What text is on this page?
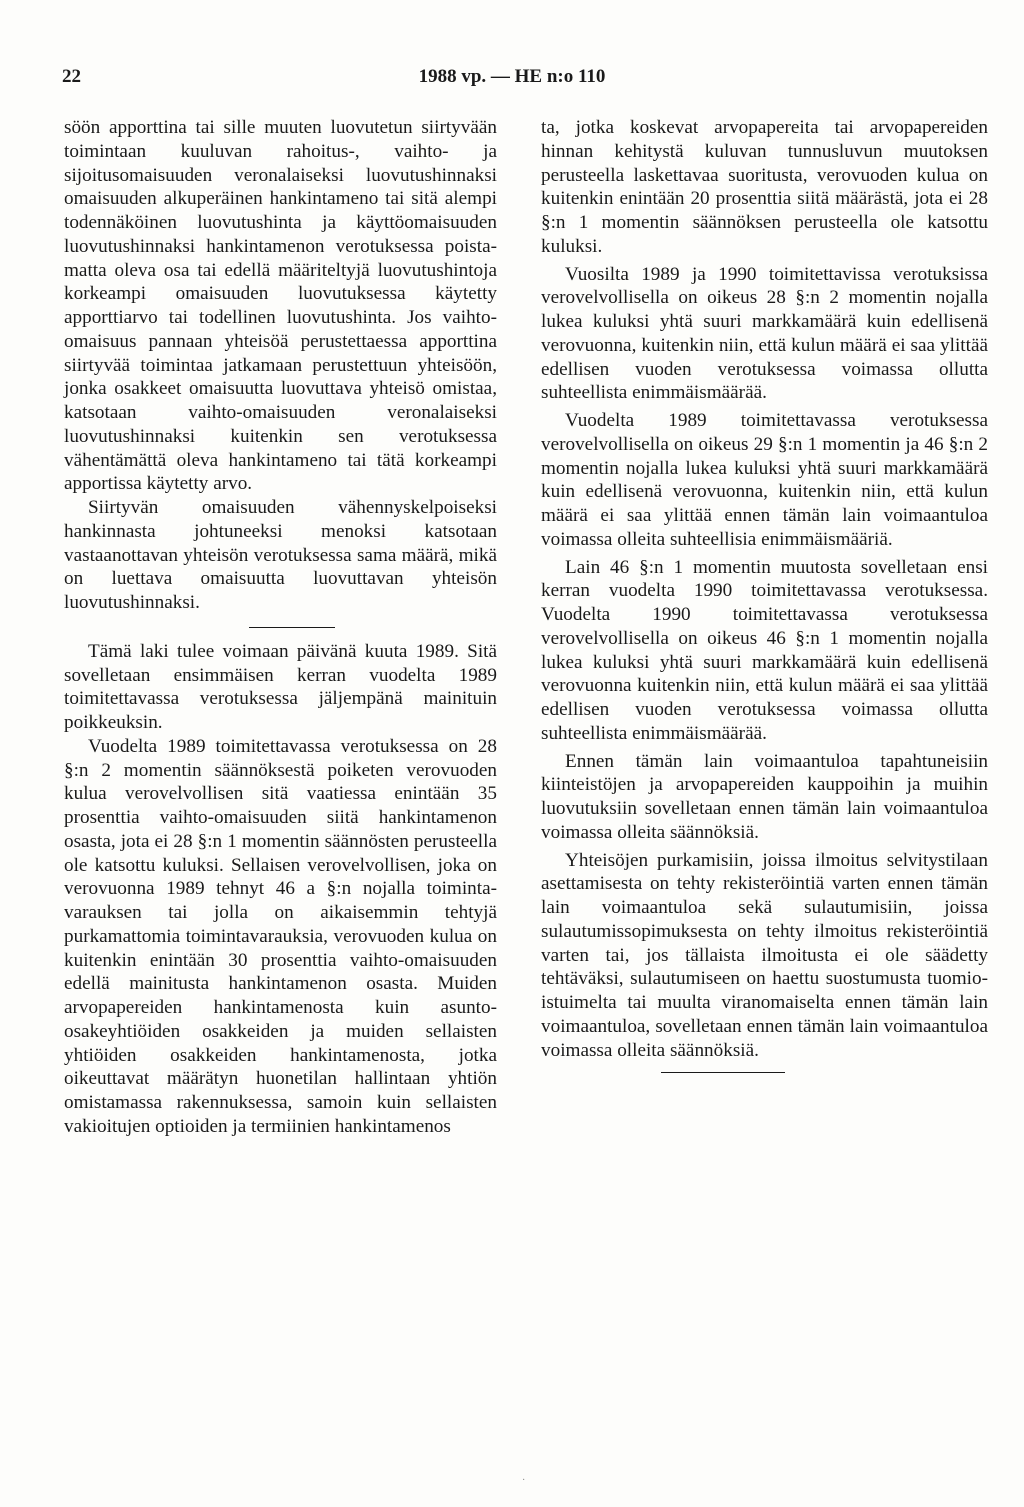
22	1988 vp. — HE n:o 110

söön apporttina tai sille muuten luovutetun siirtyvään toimintaan kuuluvan rahoitus-, vaihto- ja sijoitusomaisuuden veronalaiseksi luovutushinnaksi omaisuuden alkuperäinen hankintameno tai sitä alempi todennäköinen luovutushinta ja käyttöomaisuuden luovutushinnaksi hankintamenon verotuksessa poistamatta oleva osa tai edellä määriteltyjä luovutushintoja korkeampi omaisuuden luovutuksessa käytetty apporttiarvo tai todellinen luovutushinta. Jos vaihto-omaisuus pannaan yhteisöä perustettaessa apporttina siirtyvää toimintaa jatkamaan perustettuun yhteisöön, jonka osakkeet omaisuutta luovuttava yhteisö omistaa, katsotaan vaihto-omaisuuden veronalaiseksi luovutushinnaksi kuitenkin sen verotuksessa vähentämättä oleva hankintameno tai tätä korkeampi apportissa käytetty arvo.

Siirtyvän omaisuuden vähennyskelpoiseksi hankinnasta johtuneeksi menoksi katsotaan vastaanottavan yhteisön verotuksessa sama määrä, mikä on luettava omaisuutta luovuttavan yhteisön luovutushinnaksi.

Tämä laki tulee voimaan päivänä kuuta 1989. Sitä sovelletaan ensimmäisen kerran vuodelta 1989 toimitettavassa verotuksessa jäljempänä mainituin poikkeuksin.

Vuodelta 1989 toimitettavassa verotuksessa on 28 §:n 2 momentin säännöksestä poiketen verovuoden kulua verovelvollisen sitä vaatiessa enintään 35 prosenttia vaihto-omaisuuden siitä hankintamenon osasta, jota ei 28 §:n 1 momentin säännösten perusteella ole katsottu kuluksi. Sellaisen verovelvollisen, joka on verovuonna 1989 tehnyt 46 a §:n nojalla toimintavarauksen tai jolla on aikaisemmin tehtyjä purkamattomia toimintavarauksia, verovuoden kulua on kuitenkin enintään 30 prosenttia vaihto-omaisuuden edellä mainitusta hankintamenon osasta. Muiden arvopapereiden hankintamenosta kuin asunto-osakeyhtiöiden osakkeiden ja muiden sellaisten yhtiöiden osakkeiden hankintamenosta, jotka oikeuttavat määrätyn huonetilan hallintaan yhtiön omistamassa rakennuksessa, samoin kuin sellaisten vakioitujen optioiden ja termiinien hankintamenos

ta, jotka koskevat arvopapereita tai arvopapereiden hinnan kehitystä kuluvan tunnusluvun muutoksen perusteella laskettavaa suoritusta, verovuoden kulua on kuitenkin enintään 20 prosenttia siitä määrästä, jota ei 28 §:n 1 momentin säännöksen perusteella ole katsottu kuluksi.

Vuosilta 1989 ja 1990 toimitettavissa verotuksissa verovelvollisella on oikeus 28 §:n 2 momentin nojalla lukea kuluksi yhtä suuri markkamäärä kuin edellisenä verovuonna, kuitenkin niin, että kulun määrä ei saa ylittää edellisen vuoden verotuksessa voimassa ollutta suhteellista enimmäismäärää.

Vuodelta 1989 toimitettavassa verotuksessa verovelvollisella on oikeus 29 §:n 1 momentin ja 46 §:n 2 momentin nojalla lukea kuluksi yhtä suuri markkamäärä kuin edellisenä verovuonna, kuitenkin niin, että kulun määrä ei saa ylittää ennen tämän lain voimaantuloa voimassa olleita suhteellisia enimmäismääriä.

Lain 46 §:n 1 momentin muutosta sovelletaan ensi kerran vuodelta 1990 toimitettavassa verotuksessa. Vuodelta 1990 toimitettavassa verotuksessa verovelvollisella on oikeus 46 §:n 1 momentin nojalla lukea kuluksi yhtä suuri markkamäärä kuin edellisenä verovuonna kuitenkin niin, että kulun määrä ei saa ylittää edellisen vuoden verotuksessa voimassa ollutta suhteellista enimmäismäärää.

Ennen tämän lain voimaantuloa tapahtuneisiin kiinteistöjen ja arvopapereiden kauppoihin ja muihin luovutuksiin sovelletaan ennen tämän lain voimaantuloa voimassa olleita säännöksiä.

Yhteisöjen purkamisiin, joissa ilmoitus selvitystilaan asettamisesta on tehty rekisteröintiä varten ennen tämän lain voimaantuloa sekä sulautumisiin, joissa sulautumissopimuksesta on tehty ilmoitus rekisteröintiä varten tai, jos tällaista ilmoitusta ei ole säädetty tehtäväksi, sulautumiseen on haettu suostumusta tuomioistuimelta tai muulta viranomaiselta ennen tämän lain voimaantuloa, sovelletaan ennen tämän lain voimaantuloa voimassa olleita säännöksiä.

·
